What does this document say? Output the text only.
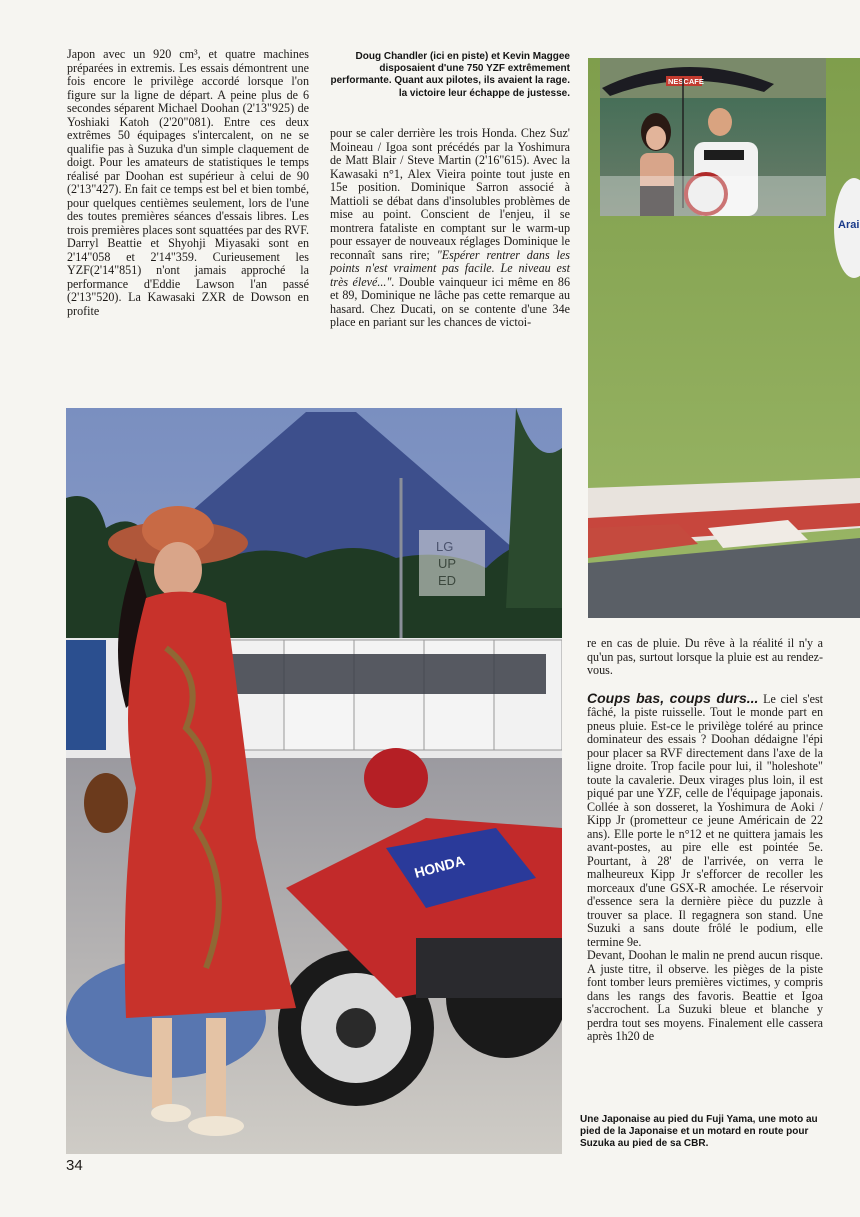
Japon avec un 920 cm³, et quatre machines préparées in extremis. Les essais démontrent une fois encore le privilège accordé lorsque l'on figure sur la ligne de départ. A peine plus de 6 secondes séparent Michael Doohan (2'13"925) de Yoshiaki Katoh (2'20"081). Entre ces deux extrêmes 50 équipages s'intercalent, on ne se qualifie pas à Suzuka d'un simple claquement de doigt. Pour les amateurs de statistiques le temps réalisé par Doohan est supérieur à celui de 90 (2'13"427). En fait ce temps est bel et bien tombé, pour quelques centièmes seulement, lors de l'une des toutes premières séances d'essais libres. Les trois premières places sont squattées par des RVF. Darryl Beattie et Shyohji Miyasaki sont en 2'14"058 et 2'14"359. Curieusement les YZF(2'14"851) n'ont jamais approché la performance d'Eddie Lawson l'an passé (2'13"520). La Kawasaki ZXR de Dowson en profite

Doug Chandler (ici en piste) et Kevin Maggee disposaient d'une 750 YZF extrêmement performante. Quant aux pilotes, ils avaient la rage. la victoire leur échappe de justesse.

pour se caler derrière les trois Honda. Chez Suz' Moineau / Igoa sont précédés par la Yoshimura de Matt Blair / Steve Martin (2'16"615). Avec la Kawasaki n°1, Alex Vieira pointe tout juste en 15e position. Dominique Sarron associé à Mattioli se débat dans d'insolubles problèmes de mise au point. Conscient de l'enjeu, il se montrera fataliste en comptant sur le warm-up pour essayer de nouveaux réglages Dominique le reconnaît sans rire; "Espérer rentrer dans les points n'est vraiment pas facile. Le niveau est très élevé...". Double vainqueur ici même en 86 et 89, Dominique ne lâche pas cette remarque au hasard. Chez Ducati, on se contente d'une 34e place en pariant sur les chances de victoi-

Arai
NESCAFE
LG
UP
ED
HONDA

re en cas de pluie. Du rêve à la réalité il n'y a qu'un pas, surtout lorsque la pluie est au rendez-vous.

Coups bas, coups durs... Le ciel s'est fâché, la piste ruisselle. Tout le monde part en pneus pluie. Est-ce le privilège toléré au prince dominateur des essais ? Doohan dédaigne l'épi pour placer sa RVF directement dans l'axe de la ligne droite. Trop facile pour lui, il "holeshote" toute la cavalerie. Deux virages plus loin, il est piqué par une YZF, celle de l'équipage japonais. Collée à son dosseret, la Yoshimura de Aoki / Kipp Jr (prometteur ce jeune Américain de 22 ans). Elle porte le n°12 et ne quittera jamais les avant-postes, au pire elle est pointée 5e. Pourtant, à 28' de l'arrivée, on verra le malheureux Kipp Jr s'efforcer de recoller les morceaux d'une GSX-R amochée. Le réservoir d'essence sera la dernière pièce du puzzle à trouver sa place. Il regagnera son stand. Une Suzuki a sans doute frôlé le podium, elle termine 9e.

Devant, Doohan le malin ne prend aucun risque. A juste titre, il observe. les pièges de la piste font tomber leurs premières victimes, y compris dans les rangs des favoris. Beattie et Igoa s'accrochent. La Suzuki bleue et blanche y perdra tout ses moyens. Finalement elle cassera après 1h20 de

Une Japonaise au pied du Fuji Yama, une moto au pied de la Japonaise et un motard en route pour Suzuka au pied de sa CBR.
34
